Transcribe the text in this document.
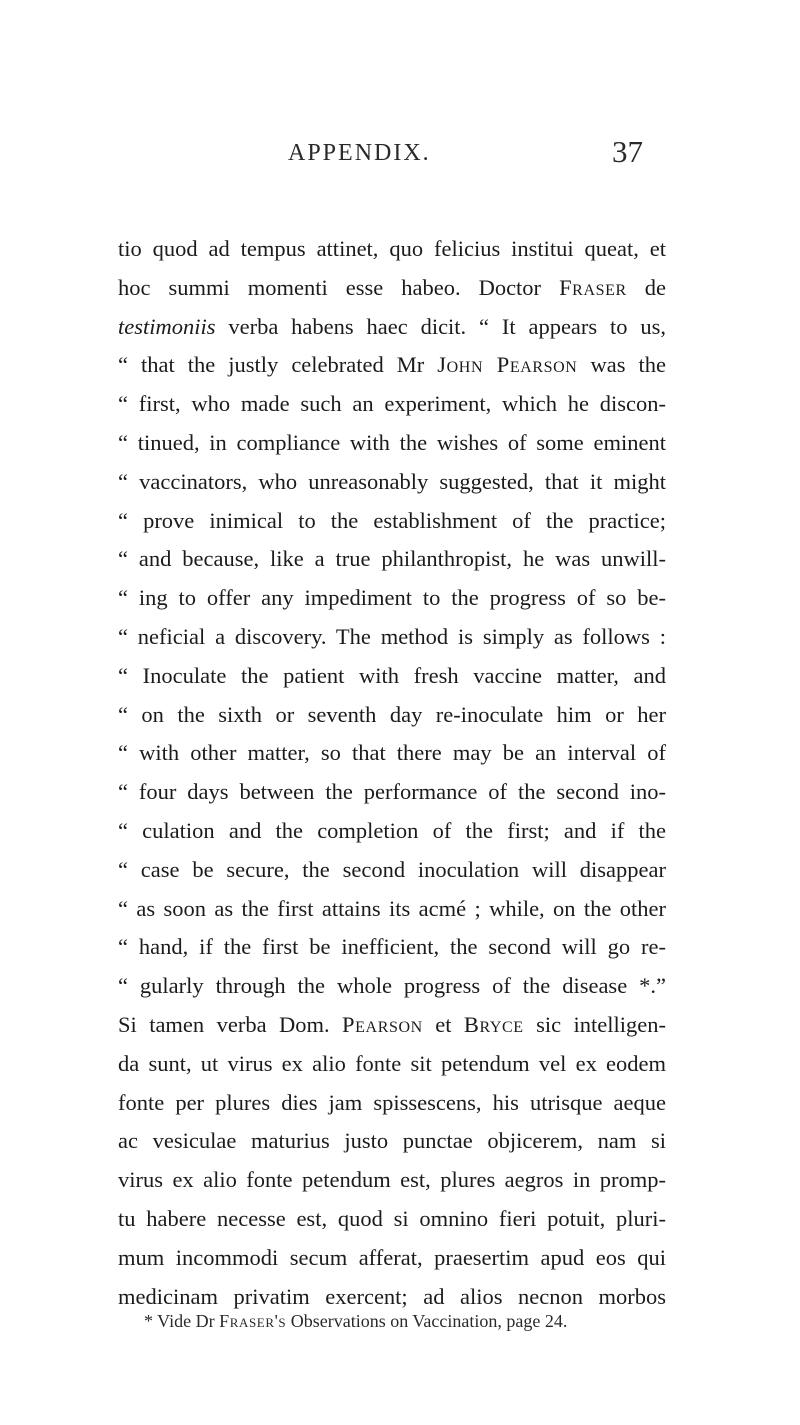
APPENDIX.	37
tio quod ad tempus attinet, quo felicius institui queat, et
hoc summi momenti esse habeo. Doctor Fraser de
testimoniis verba habens haec dicit. “ It appears to us,
“ that the justly celebrated Mr John Pearson was the
“ first, who made such an experiment, which he discon-
“ tinued, in compliance with the wishes of some eminent
“ vaccinators, who unreasonably suggested, that it might
“ prove inimical to the establishment of the practice;
“ and because, like a true philanthropist, he was unwill-
“ ing to offer any impediment to the progress of so be-
“ neficial a discovery. The method is simply as follows :
“ Inoculate the patient with fresh vaccine matter, and
“ on the sixth or seventh day re-inoculate him or her
“ with other matter, so that there may be an interval of
“ four days between the performance of the second ino-
“ culation and the completion of the first; and if the
“ case be secure, the second inoculation will disappear
“ as soon as the first attains its acmé ; while, on the other
“ hand, if the first be inefficient, the second will go re-
“ gularly through the whole progress of the disease *.”
Si tamen verba Dom. Pearson et Bryce sic intelligen-
da sunt, ut virus ex alio fonte sit petendum vel ex eodem
fonte per plures dies jam spissescens, his utrisque aeque
ac vesiculae maturius justo punctae objicerem, nam si
virus ex alio fonte petendum est, plures aegros in promp-
tu habere necesse est, quod si omnino fieri potuit, pluri-
mum incommodi secum afferat, praesertim apud eos qui
medicinam privatim exercent; ad alios necnon morbos
* Vide Dr Fraser's Observations on Vaccination, page 24.
